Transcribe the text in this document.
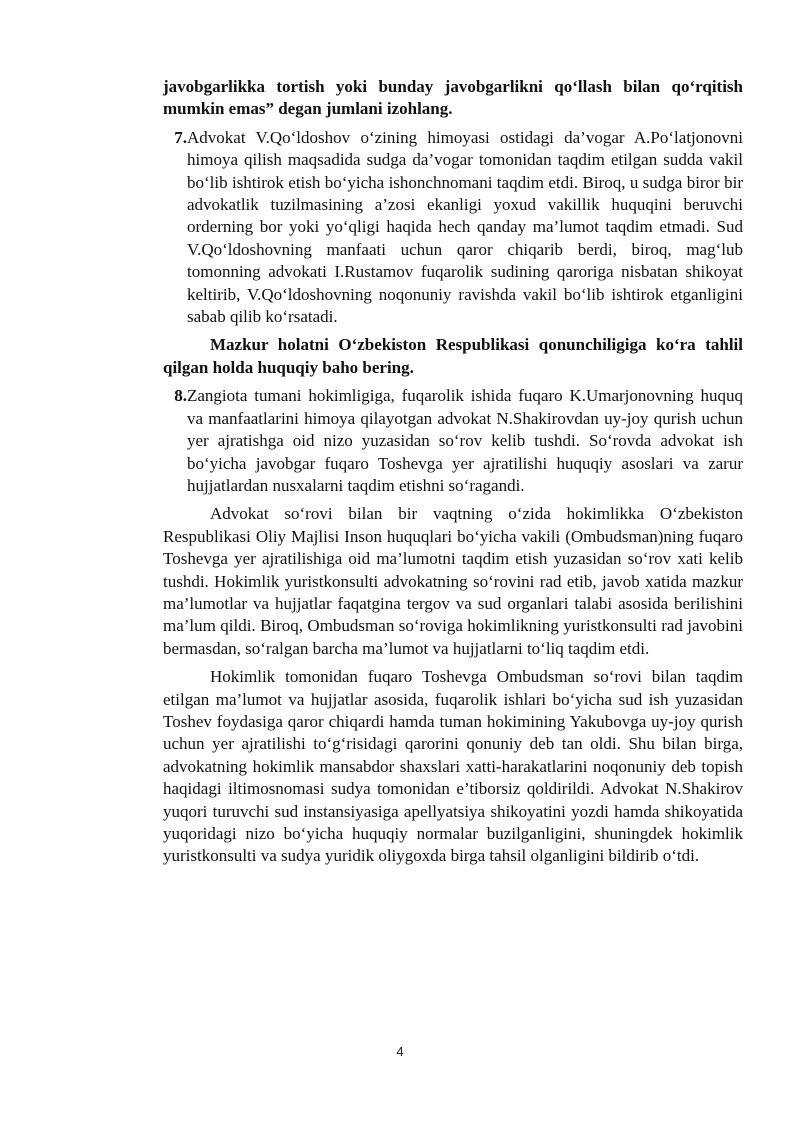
javobgarlikka tortish yoki bunday javobgarlikni qo‘llash bilan qo‘rqitish mumkin emas” degan jumlani izohlang.

7. Advokat V.Qo‘ldoshov o‘zining himoyasi ostidagi da’vogar A.Po‘latjonovni himoya qilish maqsadida sudga da’vogar tomonidan taqdim etilgan sudda vakil bo‘lib ishtirok etish bo‘yicha ishonchnomani taqdim etdi. Biroq, u sudga biror bir advokatlik tuzilmasining a’zosi ekanligi yoxud vakillik huquqini beruvchi orderning bor yoki yo‘qligi haqida hech qanday ma’lumot taqdim etmadi. Sud V.Qo‘ldoshovning manfaati uchun qaror chiqarib berdi, biroq, mag‘lub tomonning advokati I.Rustamov fuqarolik sudining qaroriga nisbatan shikoyat keltirib, V.Qo‘ldoshovning noqonuniy ravishda vakil bo‘lib ishtirok etganligini sabab qilib ko‘rsatadi.

Mazkur holatni O‘zbekiston Respublikasi qonunchiligiga ko‘ra tahlil qilgan holda huquqiy baho bering.

8. Zangiota tumani hokimligiga, fuqarolik ishida fuqaro K.Umarjonovning huquq va manfaatlarini himoya qilayotgan advokat N.Shakirovdan uy-joy qurish uchun yer ajratishga oid nizo yuzasidan so‘rov kelib tushdi. So‘rovda advokat ish bo‘yicha javobgar fuqaro Toshevga yer ajratilishi huquqiy asoslari va zarur hujjatlardan nusxalarni taqdim etishni so‘ragandi.

Advokat so‘rovi bilan bir vaqtning o‘zida hokimlikka O‘zbekiston Respublikasi Oliy Majlisi Inson huquqlari bo‘yicha vakili (Ombudsman)ning fuqaro Toshevga yer ajratilishiga oid ma’lumotni taqdim etish yuzasidan so‘rov xati kelib tushdi. Hokimlik yuristkonsulti advokatning so‘rovini rad etib, javob xatida mazkur ma’lumotlar va hujjatlar faqatgina tergov va sud organlari talabi asosida berilishini ma’lum qildi. Biroq, Ombudsman so‘roviga hokimlikning yuristkonsulti rad javobini bermasdan, so‘ralgan barcha ma’lumot va hujjatlarni to‘liq taqdim etdi.

Hokimlik tomonidan fuqaro Toshevga Ombudsman so‘rovi bilan taqdim etilgan ma’lumot va hujjatlar asosida, fuqarolik ishlari bo‘yicha sud ish yuzasidan Toshev foydasiga qaror chiqardi hamda tuman hokimining Yakubovga uy-joy qurish uchun yer ajratilishi to‘g‘risidagi qarorini qonuniy deb tan oldi. Shu bilan birga, advokatning hokimlik mansabdor shaxslari xatti-harakatlarini noqonuniy deb topish haqidagi iltimosnomasi sudya tomonidan e’tiborsiz qoldirildi. Advokat N.Shakirov yuqori turuvchi sud instansiyasiga apellyatsiya shikoyatini yozdi hamda shikoyatida yuqoridagi nizo bo‘yicha huquqiy normalar buzilganligini, shuningdek hokimlik yuristkonsulti va sudya yuridik oliygoxda birga tahsil olganligini bildirib o‘tdi.

4
